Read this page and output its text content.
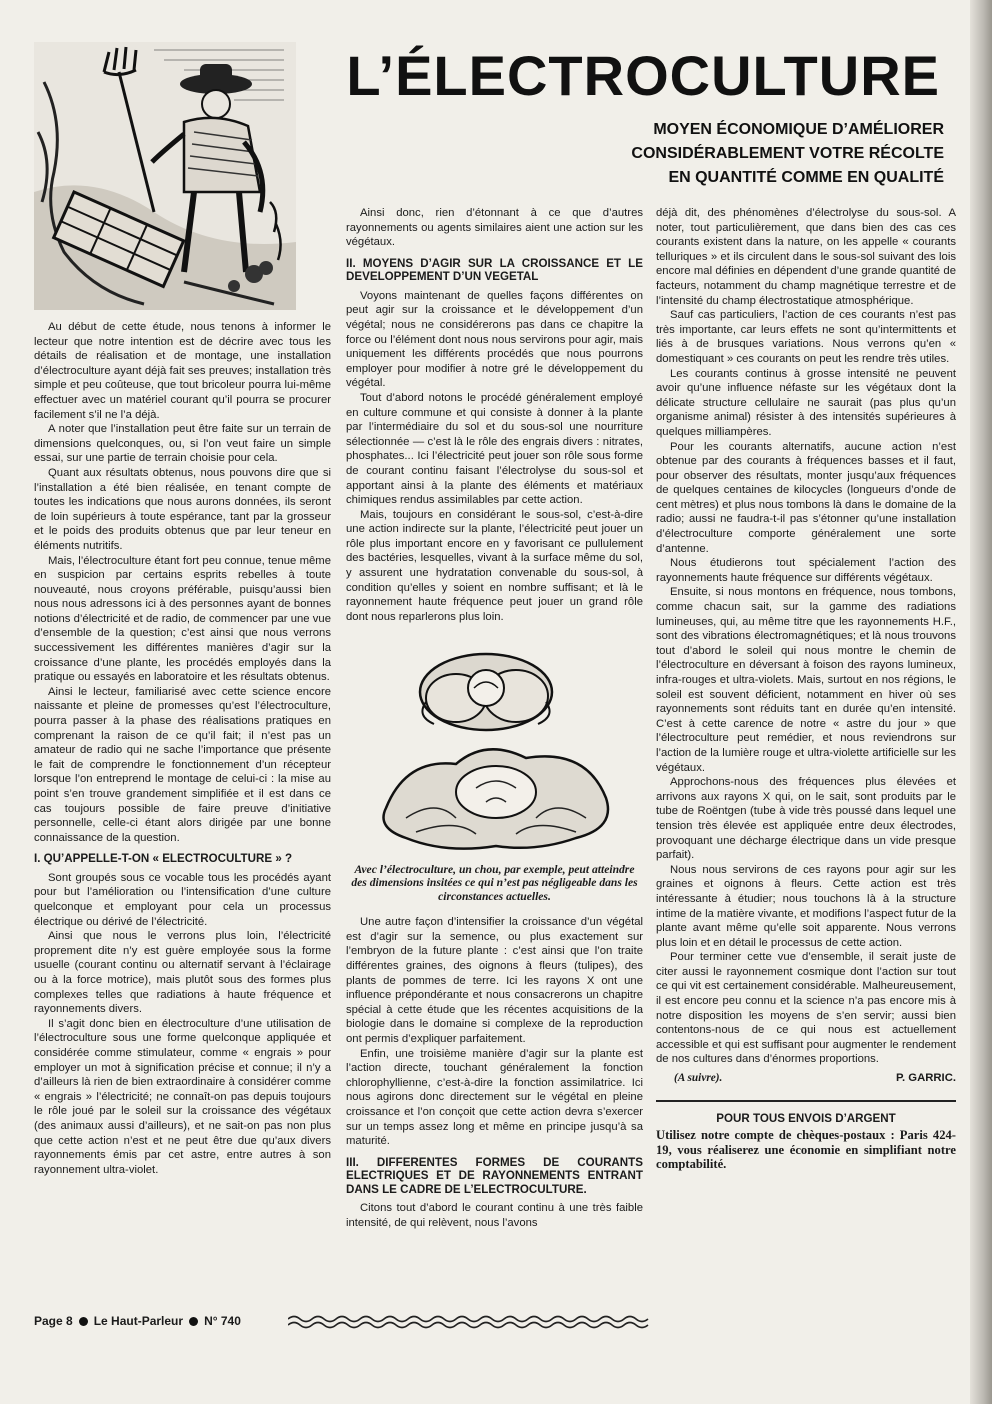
L’ÉLECTROCULTURE
MOYEN ÉCONOMIQUE D’AMÉLIORER
CONSIDÉRABLEMENT VOTRE RÉCOLTE
EN QUANTITÉ COMME EN QUALITÉ

Au début de cette étude, nous tenons à informer le lecteur que notre intention est de décrire avec tous les détails de réalisation et de montage, une installation d’électroculture ayant déjà fait ses preuves; installation très simple et peu coûteuse, que tout bricoleur pourra lui-même effectuer avec un matériel courant qu’il pourra se procurer facilement s’il ne l’a déjà.

A noter que l’installation peut être faite sur un terrain de dimensions quelconques, ou, si l’on veut faire un simple essai, sur une partie de terrain choisie pour cela.

Quant aux résultats obtenus, nous pouvons dire que si l’installation a été bien réalisée, en tenant compte de toutes les indications que nous aurons données, ils seront de loin supérieurs à toute espérance, tant par la grosseur et le poids des produits obtenus que par leur teneur en éléments nutritifs.

Mais, l’électroculture étant fort peu connue, tenue même en suspicion par certains esprits rebelles à toute nouveauté, nous croyons préférable, puisqu’aussi bien nous nous adressons ici à des personnes ayant de bonnes notions d’électricité et de radio, de commencer par une vue d’ensemble de la question; c’est ainsi que nous verrons successivement les différentes manières d’agir sur la croissance d’une plante, les procédés employés dans la pratique ou essayés en laboratoire et les résultats obtenus.

Ainsi le lecteur, familiarisé avec cette science encore naissante et pleine de promesses qu’est l’électroculture, pourra passer à la phase des réalisations pratiques en comprenant la raison de ce qu’il fait; il n’est pas un amateur de radio qui ne sache l’importance que présente le fait de comprendre le fonctionnement d’un récepteur lorsque l’on entreprend le montage de celui-ci : la mise au point s’en trouve grandement simplifiée et il est dans ce cas toujours possible de faire preuve d’initiative personnelle, celle-ci étant alors dirigée par une bonne connaissance de la question.

I. QU’APPELLE-T-ON « ELECTROCULTURE » ?

Sont groupés sous ce vocable tous les procédés ayant pour but l’amélioration ou l’intensification d’une culture quelconque et employant pour cela un processus électrique ou dérivé de l’électricité.

Ainsi que nous le verrons plus loin, l’électricité proprement dite n’y est guère employée sous la forme usuelle (courant continu ou alternatif servant à l’éclairage ou à la force motrice), mais plutôt sous des formes plus complexes telles que radiations à haute fréquence et rayonnements divers.

Il s’agit donc bien en électroculture d’une utilisation de l’électroculture sous une forme quelconque appliquée et considérée comme stimulateur, comme « engrais » pour employer un mot à signification précise et connue; il n’y a d’ailleurs là rien de bien extraordinaire à considérer comme « engrais » l’électricité; ne connaît-on pas depuis toujours le rôle joué par le soleil sur la croissance des végétaux (des animaux aussi d’ailleurs), et ne sait-on pas non plus que cette action n’est et ne peut être due qu’aux divers rayonnements émis par cet astre, entre autres à son rayonnement ultra-violet.

Ainsi donc, rien d’étonnant à ce que d’autres rayonnements ou agents similaires aient une action sur les végétaux.

II. MOYENS D’AGIR SUR LA CROISSANCE ET LE DEVELOPPEMENT D’UN VEGETAL

Voyons maintenant de quelles façons différentes on peut agir sur la croissance et le développement d’un végétal; nous ne considérerons pas dans ce chapitre la force ou l’élément dont nous nous servirons pour agir, mais uniquement les différents procédés que nous pourrons employer pour modifier à notre gré le développement du végétal.

Tout d’abord notons le procédé généralement employé en culture commune et qui consiste à donner à la plante par l’intermédiaire du sol et du sous-sol une nourriture sélectionnée — c’est là le rôle des engrais divers : nitrates, phosphates... Ici l’électricité peut jouer son rôle sous forme de courant continu faisant l’électrolyse du sous-sol et apportant ainsi à la plante des éléments et matériaux chimiques rendus assimilables par cette action.

Mais, toujours en considérant le sous-sol, c’est-à-dire une action indirecte sur la plante, l’électricité peut jouer un rôle plus important encore en y favorisant ce pullulement des bactéries, lesquelles, vivant à la surface même du sol, y assurent une hydratation convenable du sous-sol, à condition qu’elles y soient en nombre suffisant; et là le rayonnement haute fréquence peut jouer un grand rôle dont nous reparlerons plus loin.

Avec l’électroculture, un chou, par exemple, peut atteindre des dimensions insitées ce qui n’est pas négligeable dans les circonstances actuelles.

Une autre façon d’intensifier la croissance d’un végétal est d’agir sur la semence, ou plus exactement sur l’embryon de la future plante : c’est ainsi que l’on traite différentes graines, des oignons à fleurs (tulipes), des plants de pommes de terre. Ici les rayons X ont une influence prépondérante et nous consacrerons un chapitre spécial à cette étude que les récentes acquisitions de la biologie dans le domaine si complexe de la reproduction ont permis d’expliquer parfaitement.

Enfin, une troisième manière d’agir sur la plante est l’action directe, touchant généralement la fonction chlorophyllienne, c’est-à-dire la fonction assimilatrice. Ici nous agirons donc directement sur le végétal en pleine croissance et l’on conçoit que cette action devra s’exercer sur un temps assez long et même en principe jusqu’à sa maturité.

III. DIFFERENTES FORMES DE COURANTS ELECTRIQUES ET DE RAYONNEMENTS ENTRANT DANS LE CADRE DE L’ELECTROCULTURE.

Citons tout d’abord le courant continu à une très faible intensité, de qui relèvent, nous l’avons

déjà dit, des phénomènes d’électrolyse du sous-sol. A noter, tout particulièrement, que dans bien des cas ces courants existent dans la nature, on les appelle « courants telluriques » et ils circulent dans le sous-sol suivant des lois encore mal définies en dépendent d’une grande quantité de facteurs, notamment du champ magnétique terrestre et de l’intensité du champ électrostatique atmosphérique.

Sauf cas particuliers, l’action de ces courants n’est pas très importante, car leurs effets ne sont qu’intermittents et liés à de brusques variations. Nous verrons qu’en « domestiquant » ces courants on peut les rendre très utiles.

Les courants continus à grosse intensité ne peuvent avoir qu’une influence néfaste sur les végétaux dont la délicate structure cellulaire ne saurait (pas plus qu’un organisme animal) résister à des intensités supérieures à quelques milliampères.

Pour les courants alternatifs, aucune action n’est obtenue par des courants à fréquences basses et il faut, pour observer des résultats, monter jusqu’aux fréquences de quelques centaines de kilocycles (longueurs d’onde de cent mètres) et plus nous tombons là dans le domaine de la radio; aussi ne faudra-t-il pas s’étonner qu’une installation d’électroculture comporte généralement une sorte d’antenne.

Nous étudierons tout spécialement l’action des rayonnements haute fréquence sur différents végétaux.

Ensuite, si nous montons en fréquence, nous tombons, comme chacun sait, sur la gamme des radiations lumineuses, qui, au même titre que les rayonnements H.F., sont des vibrations électromagnétiques; et là nous trouvons tout d’abord le soleil qui nous montre le chemin de l’électroculture en déversant à foison des rayons lumineux, infra-rouges et ultra-violets. Mais, surtout en nos régions, le soleil est souvent déficient, notamment en hiver où ses rayonnements sont réduits tant en durée qu’en intensité. C’est à cette carence de notre « astre du jour » que l’électroculture peut remédier, et nous reviendrons sur l’action de la lumière rouge et ultra-violette artificielle sur les végétaux.

Approchons-nous des fréquences plus élevées et arrivons aux rayons X qui, on le sait, sont produits par le tube de Roëntgen (tube à vide très poussé dans lequel une tension très élevée est appliquée entre deux électrodes, provoquant une décharge électrique dans un vide presque parfait).

Nous nous servirons de ces rayons pour agir sur les graines et oignons à fleurs. Cette action est très intéressante à étudier; nous touchons là à la structure intime de la matière vivante, et modifions l’aspect futur de la plante avant même qu’elle soit apparente. Nous verrons plus loin et en détail le processus de cette action.

Pour terminer cette vue d’ensemble, il serait juste de citer aussi le rayonnement cosmique dont l’action sur tout ce qui vit est certainement considérable. Malheureusement, il est encore peu connu et la science n’a pas encore mis à notre disposition les moyens de s’en servir; aussi bien contentons-nous de ce qui nous est actuellement accessible et qui est suffisant pour augmenter le rendement de nos cultures dans d’énormes proportions.

(A suivre).	P. GARRIC.
POUR TOUS ENVOIS D’ARGENT
Utilisez notre compte de chèques-postaux : Paris 424-19, vous réaliserez une économie en simplifiant notre comptabilité.
Page 8 Le Haut-Parleur N° 740
